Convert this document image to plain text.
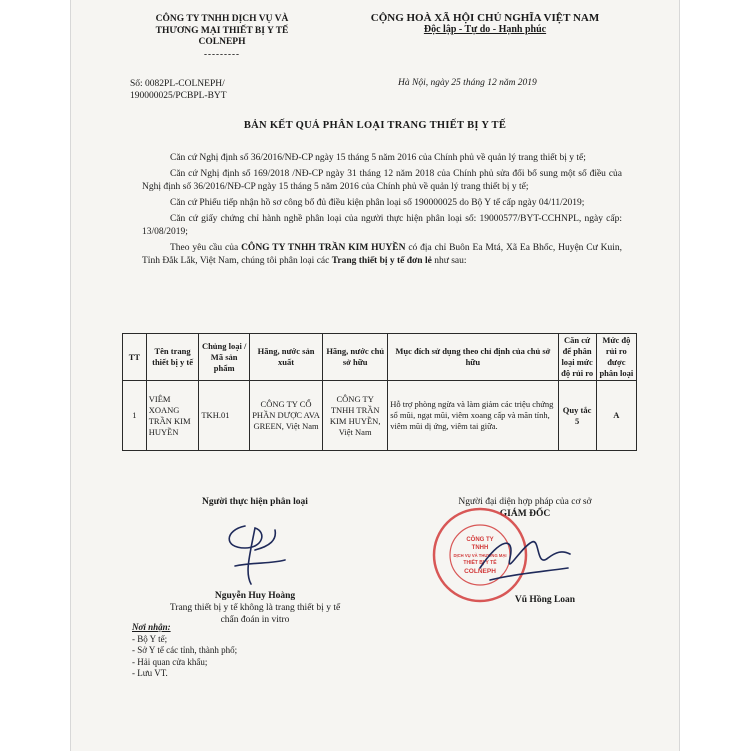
CÔNG TY TNHH DỊCH VỤ VÀ
THƯƠNG MẠI THIẾT BỊ Y TẾ
COLNEPH
---------
CỘNG HOÀ XÃ HỘI CHỦ NGHĨA VIỆT NAM
Độc lập - Tự do - Hạnh phúc
Số: 0082PL-COLNEPH/
190000025/PCBPL-BYT
Hà Nội, ngày 25 tháng 12 năm 2019
BẢN KẾT QUẢ PHÂN LOẠI TRANG THIẾT BỊ Y TẾ

Căn cứ Nghị định số 36/2016/NĐ-CP ngày 15 tháng 5 năm 2016 của Chính phủ về quản lý trang thiết bị y tế;

Căn cứ Nghị định số 169/2018 /NĐ-CP ngày 31 tháng 12 năm 2018 của Chính phủ sửa đổi bổ sung một số điều của Nghị định số 36/2016/NĐ-CP ngày 15 tháng 5 năm 2016 của Chính phủ về quản lý trang thiết bị y tế;

Căn cứ Phiếu tiếp nhận hồ sơ công bố đủ điều kiện phân loại số 190000025 do Bộ Y tế cấp ngày 04/11/2019;

Căn cứ giấy chứng chỉ hành nghề phân loại của người thực hiện phân loại số: 19000577/BYT-CCHNPL, ngày cấp: 13/08/2019;

Theo yêu cầu của CÔNG TY TNHH TRẦN KIM HUYỀN có địa chỉ Buôn Ea Mtá, Xã Ea Bhốc, Huyện Cư Kuin, Tỉnh Đắk Lắk, Việt Nam, chúng tôi phân loại các Trang thiết bị y tế đơn lẻ như sau:

TT	Tên trang thiết bị y tế	Chủng loại / Mã sản phẩm	Hãng, nước sản xuất	Hãng, nước chủ sở hữu	Mục đích sử dụng theo chỉ định của chủ sở hữu	Căn cứ để phân loại mức độ rủi ro	Mức độ rủi ro được phân loại
1	VIÊM XOANG TRẦN KIM HUYỀN	TKH.01	CÔNG TY CỔ PHẦN DƯỢC AVA GREEN, Việt Nam	CÔNG TY TNHH TRẦN KIM HUYỀN, Việt Nam	Hỗ trợ phòng ngừa và làm giảm các triệu chứng sổ mũi, ngạt mũi, viêm xoang cấp và mãn tính, viêm mũi dị ứng, viêm tai giữa.	Quy tắc 5	A
Người thực hiện phân loại
Nguyễn Huy Hoàng
Trang thiết bị y tế không là trang thiết bị y tế chẩn đoán in vitro
Người đại diện hợp pháp của cơ sở
GIÁM ĐỐC
Vũ Hồng Loan
CÔNG TY
TNHH
DỊCH VỤ VÀ THƯƠNG MẠI
THIẾT BỊ Y TẾ
COLNEPH
Nơi nhận:
- Bộ Y tế;
- Sở Y tế các tỉnh, thành phố;
- Hải quan cửa khẩu;
- Lưu VT.
